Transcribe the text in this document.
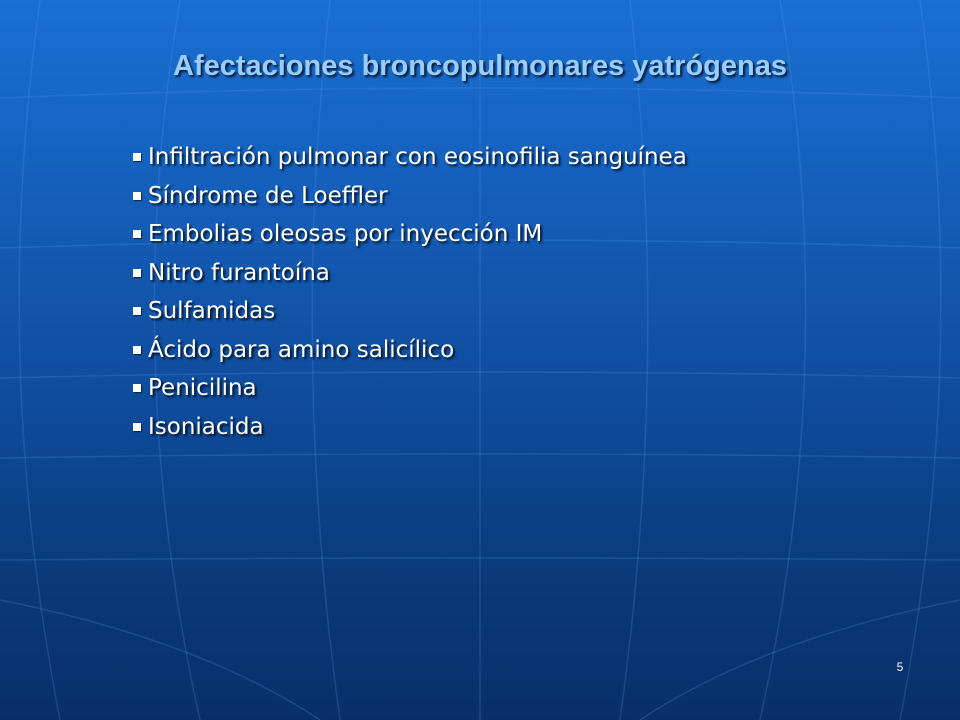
Afectaciones broncopulmonares yatrógenas
Infiltración pulmonar con eosinofilia sanguínea
Síndrome de Loeffler
Embolias oleosas por inyección IM
Nitro furantoína
Sulfamidas
Ácido para amino salicílico
Penicilina
Isoniacida
5
